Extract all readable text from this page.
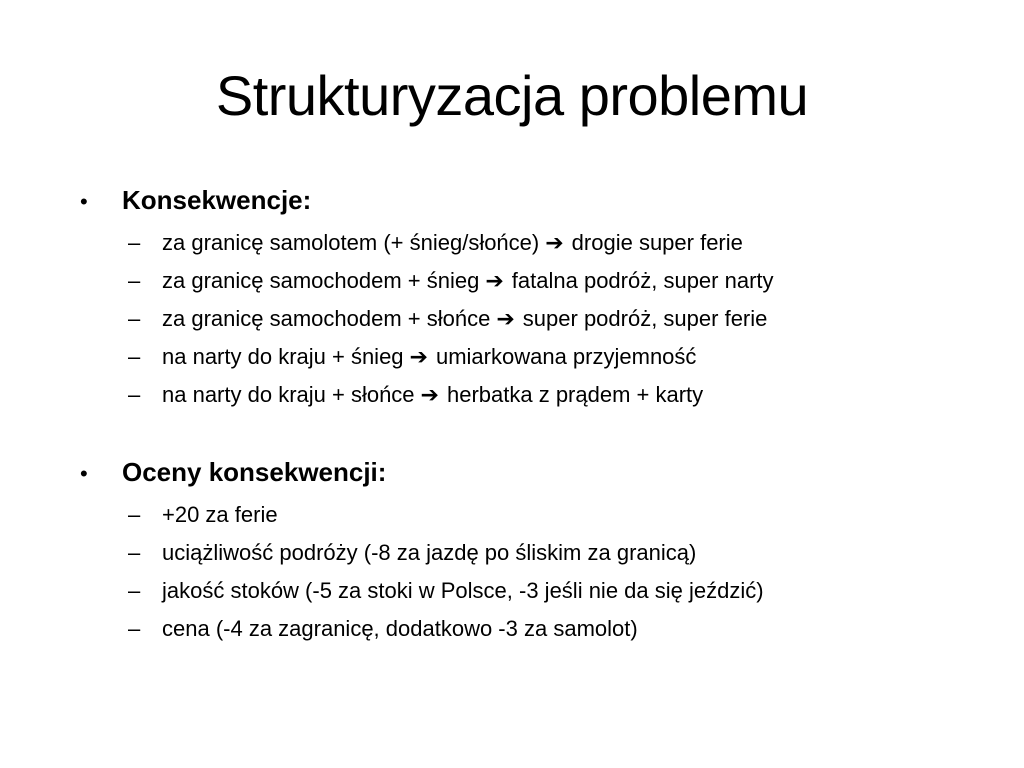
Strukturyzacja problemu
•	Konsekwencje:
– za granicę samolotem (+ śnieg/słońce) ➔ drogie super ferie
– za granicę samochodem + śnieg ➔ fatalna podróż, super narty
– za granicę samochodem + słońce ➔ super podróż, super ferie
– na narty do kraju + śnieg ➔ umiarkowana przyjemność
– na narty do kraju + słońce ➔ herbatka z prądem + karty
•	Oceny konsekwencji:
– +20 za ferie
– uciążliwość podróży (-8 za jazdę po śliskim za granicą)
– jakość stoków (-5 za stoki w Polsce, -3 jeśli nie da się jeździć)
– cena (-4 za zagranicę, dodatkowo -3 za samolot)
